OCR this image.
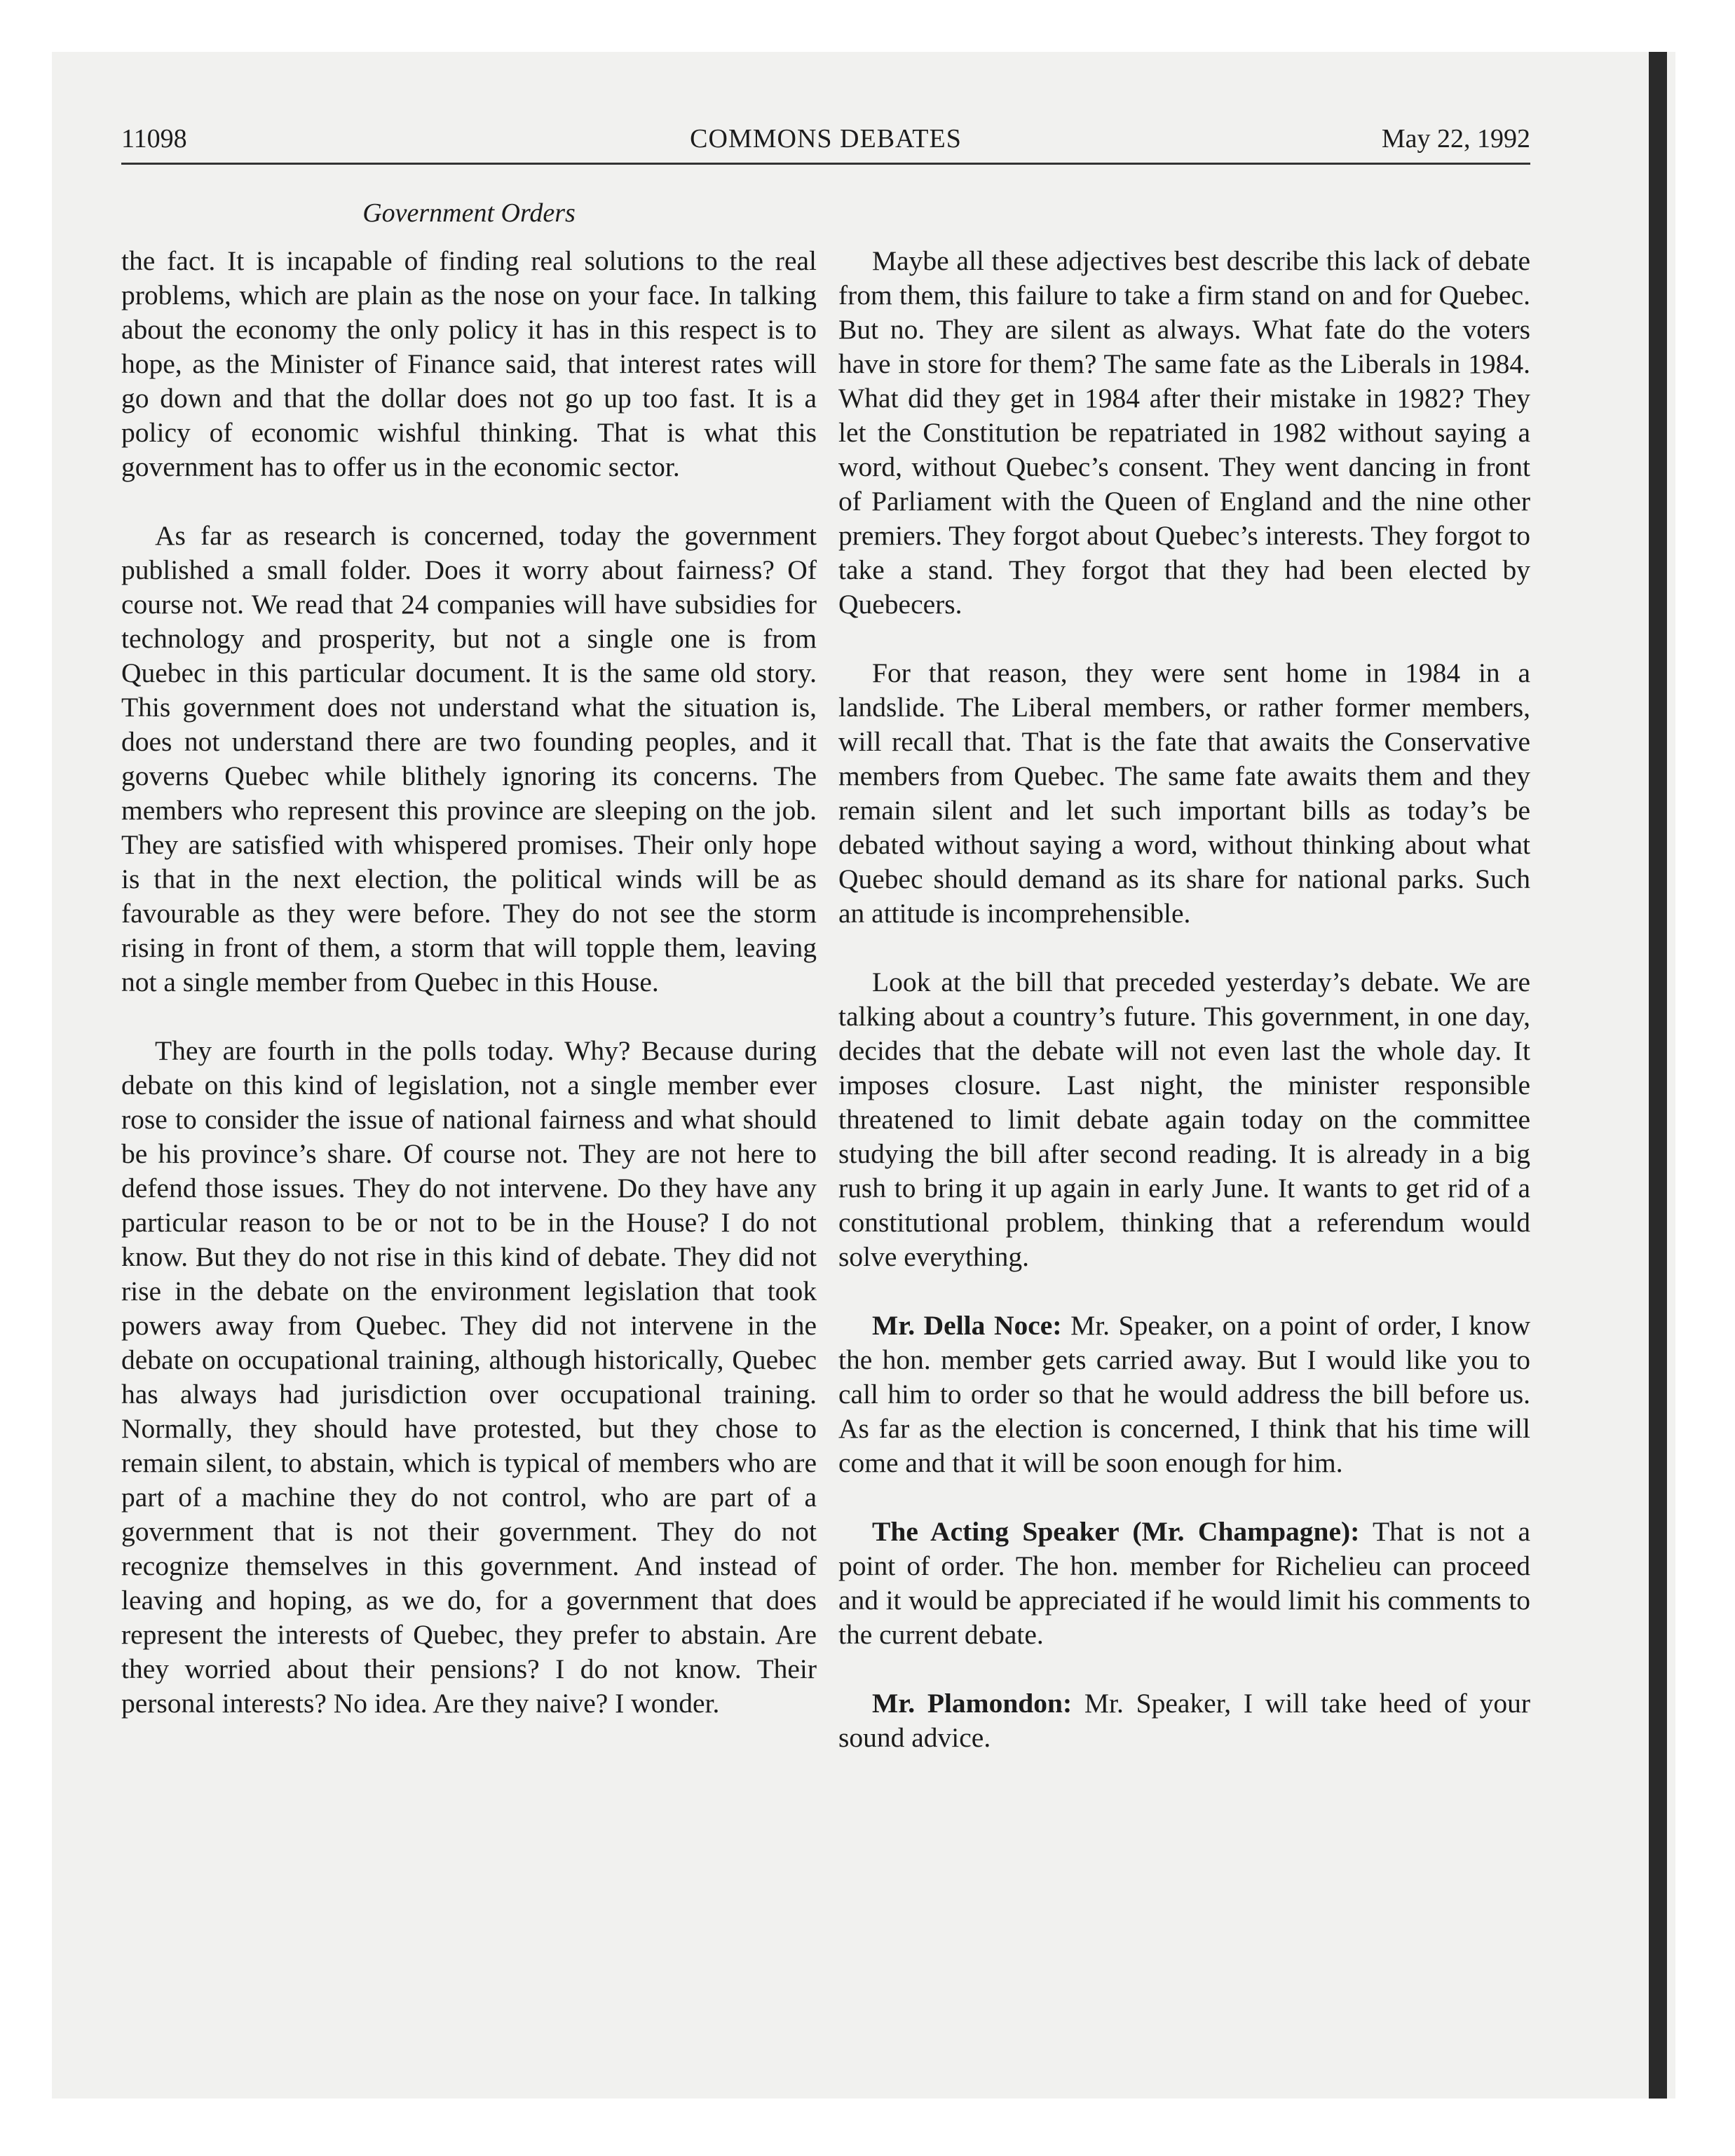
11098	COMMONS DEBATES	May 22, 1992
Government Orders

the fact. It is incapable of finding real solutions to the real problems, which are plain as the nose on your face. In talking about the economy the only policy it has in this respect is to hope, as the Minister of Finance said, that interest rates will go down and that the dollar does not go up too fast. It is a policy of economic wishful thinking. That is what this government has to offer us in the economic sector.

As far as research is concerned, today the government published a small folder. Does it worry about fairness? Of course not. We read that 24 companies will have subsidies for technology and prosperity, but not a single one is from Quebec in this particular document. It is the same old story. This government does not understand what the situation is, does not understand there are two founding peoples, and it governs Quebec while blithely ignoring its concerns. The members who represent this province are sleeping on the job. They are satisfied with whispered promises. Their only hope is that in the next election, the political winds will be as favourable as they were before. They do not see the storm rising in front of them, a storm that will topple them, leaving not a single member from Quebec in this House.

They are fourth in the polls today. Why? Because during debate on this kind of legislation, not a single member ever rose to consider the issue of national fairness and what should be his province’s share. Of course not. They are not here to defend those issues. They do not intervene. Do they have any particular reason to be or not to be in the House? I do not know. But they do not rise in this kind of debate. They did not rise in the debate on the environment legislation that took powers away from Quebec. They did not intervene in the debate on occupational training, although historically, Quebec has always had jurisdiction over occupational training. Normally, they should have protested, but they chose to remain silent, to abstain, which is typical of members who are part of a machine they do not control, who are part of a government that is not their government. They do not recognize themselves in this government. And instead of leaving and hoping, as we do, for a government that does represent the interests of Quebec, they prefer to abstain. Are they worried about their pensions? I do not know. Their personal interests? No idea. Are they naive? I wonder.

Maybe all these adjectives best describe this lack of debate from them, this failure to take a firm stand on and for Quebec. But no. They are silent as always. What fate do the voters have in store for them? The same fate as the Liberals in 1984. What did they get in 1984 after their mistake in 1982? They let the Constitution be repatriated in 1982 without saying a word, without Quebec’s consent. They went dancing in front of Parliament with the Queen of England and the nine other premiers. They forgot about Quebec’s interests. They forgot to take a stand. They forgot that they had been elected by Quebecers.

For that reason, they were sent home in 1984 in a landslide. The Liberal members, or rather former members, will recall that. That is the fate that awaits the Conservative members from Quebec. The same fate awaits them and they remain silent and let such important bills as today’s be debated without saying a word, without thinking about what Quebec should demand as its share for national parks. Such an attitude is incomprehensible.

Look at the bill that preceded yesterday’s debate. We are talking about a country’s future. This government, in one day, decides that the debate will not even last the whole day. It imposes closure. Last night, the minister responsible threatened to limit debate again today on the committee studying the bill after second reading. It is already in a big rush to bring it up again in early June. It wants to get rid of a constitutional problem, thinking that a referendum would solve everything.

Mr. Della Noce: Mr. Speaker, on a point of order, I know the hon. member gets carried away. But I would like you to call him to order so that he would address the bill before us. As far as the election is concerned, I think that his time will come and that it will be soon enough for him.

The Acting Speaker (Mr. Champagne): That is not a point of order. The hon. member for Richelieu can proceed and it would be appreciated if he would limit his comments to the current debate.

Mr. Plamondon: Mr. Speaker, I will take heed of your sound advice.
